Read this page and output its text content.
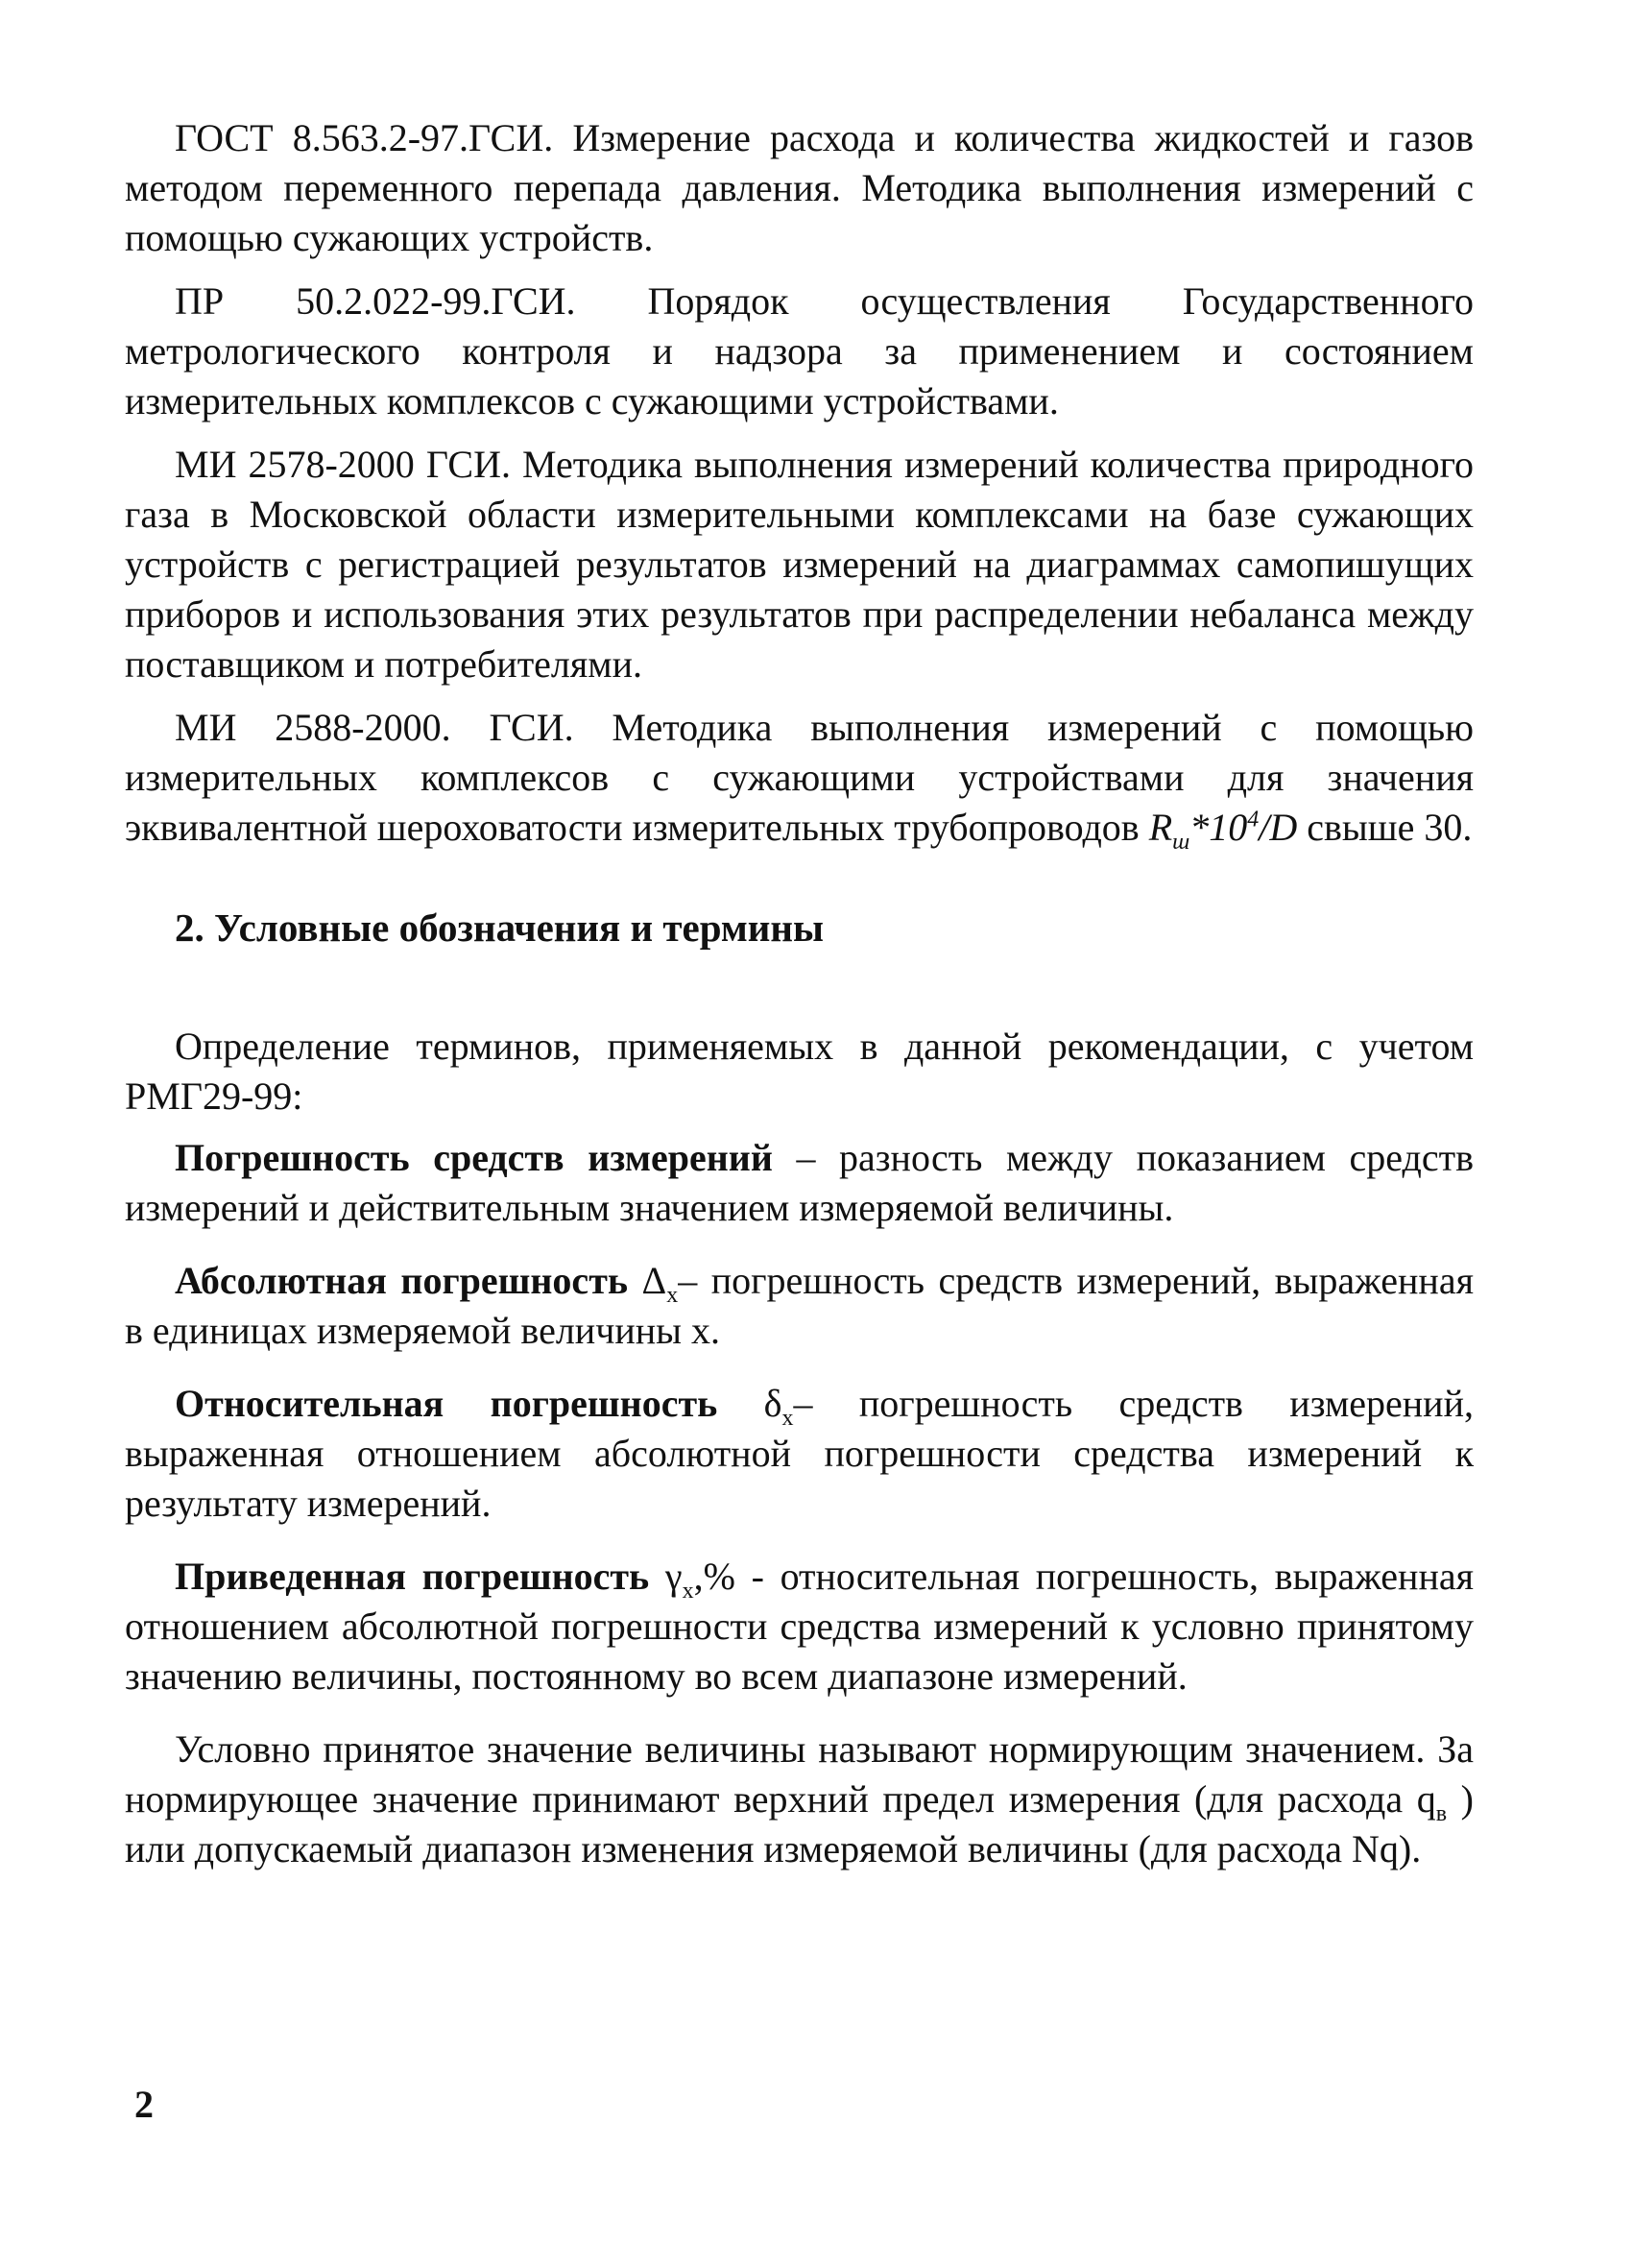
ГОСТ 8.563.2-97.ГСИ. Измерение расхода и количества жидкостей и газов методом переменного перепада давления. Методика выполнения измерений с помощью сужающих устройств.

ПР 50.2.022-99.ГСИ. Порядок осуществления Государственного метрологического контроля и надзора за применением и состоянием измерительных комплексов с сужающими устройствами.

МИ 2578-2000 ГСИ. Методика выполнения измерений количества природного газа в Московской области измерительными комплексами на базе сужающих устройств с регистрацией результатов измерений на диаграммах самопишущих приборов и использования этих результатов при распределении небаланса между поставщиком и потребителями.

МИ 2588-2000. ГСИ. Методика выполнения измерений с помощью измерительных комплексов с сужающими устройствами для значения эквивалентной шероховатости измерительных трубопроводов $R_ш*10^4/D$ свыше 30.

2. Условные обозначения и термины

Определение терминов, применяемых в данной рекомендации, с учетом РМГ29-99:

Погрешность средств измерений – разность между показанием средств измерений и действительным значением измеряемой величины.

Абсолютная погрешность $\Delta_x-$ погрешность средств измерений, выраженная в единицах измеряемой величины x.

Относительная погрешность $\delta_x-$ погрешность средств измерений, выраженная отношением абсолютной погрешности средства измерений к результату измерений.

Приведенная погрешность $\gamma_x,\%$ - относительная погрешность, выраженная отношением абсолютной погрешности средства измерений к условно принятому значению величины, постоянному во всем диапазоне измерений.

Условно принятое значение величины называют нормирующим значением. За нормирующее значение принимают верхний предел измерения (для расхода $q_в$ ) или допускаемый диапазон изменения измеряемой величины (для расхода Nq).

2
